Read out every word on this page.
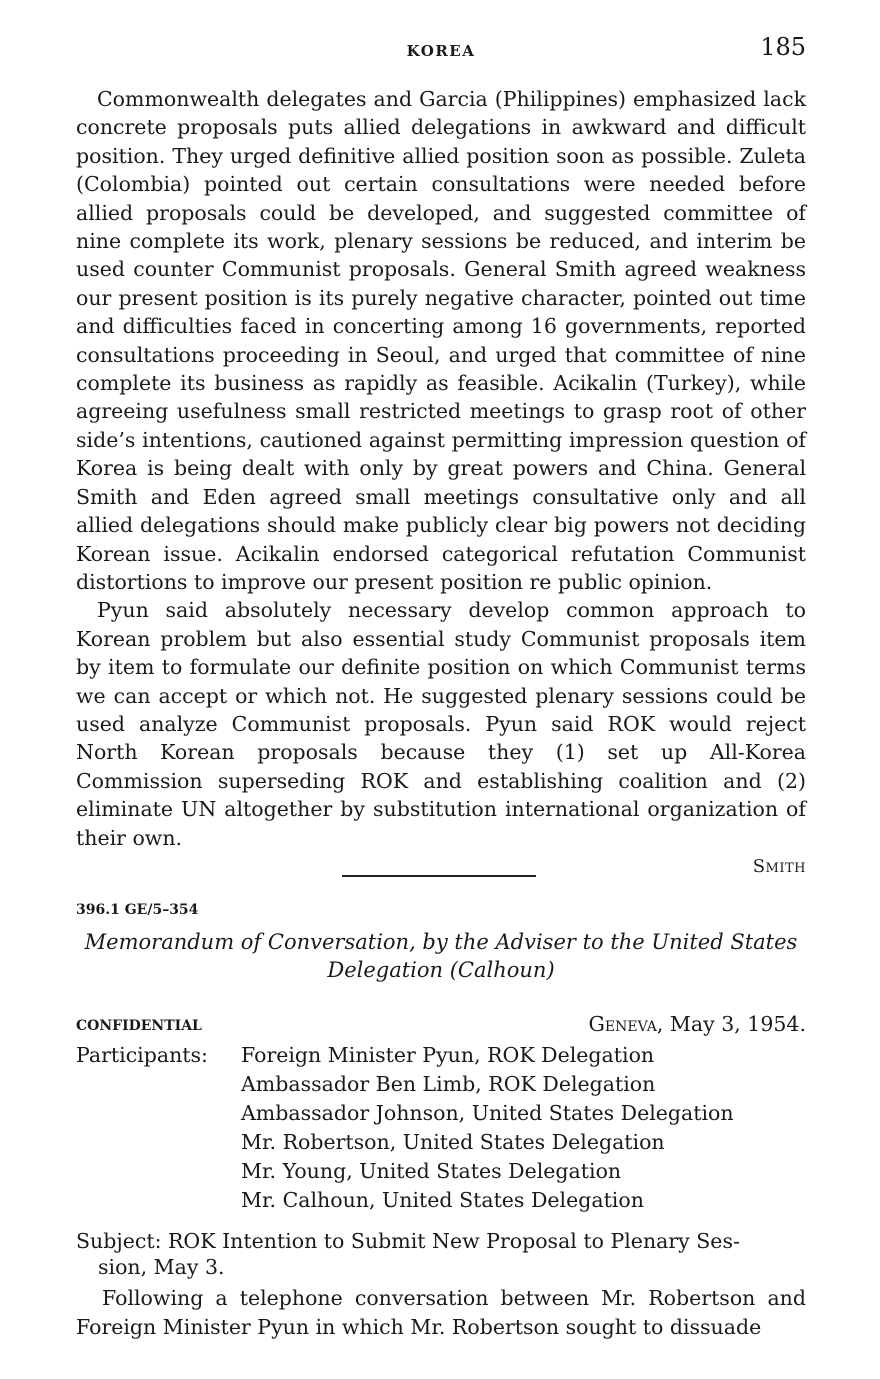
KOREA	185

Commonwealth delegates and Garcia (Philippines) emphasized lack concrete proposals puts allied delegations in awkward and difficult position. They urged definitive allied position soon as possible. Zuleta (Colombia) pointed out certain consultations were needed before allied proposals could be developed, and suggested committee of nine complete its work, plenary sessions be reduced, and interim be used counter Communist proposals. General Smith agreed weakness our present position is its purely negative character, pointed out time and difficulties faced in concerting among 16 governments, reported consultations proceeding in Seoul, and urged that committee of nine complete its business as rapidly as feasible. Acikalin (Turkey), while agreeing usefulness small restricted meetings to grasp root of other side’s intentions, cautioned against permitting impression question of Korea is being dealt with only by great powers and China. General Smith and Eden agreed small meetings consultative only and all allied delegations should make publicly clear big powers not deciding Korean issue. Acikalin endorsed categorical refutation Communist distortions to improve our present position re public opinion.

Pyun said absolutely necessary develop common approach to Korean problem but also essential study Communist proposals item by item to formulate our definite position on which Communist terms we can accept or which not. He suggested plenary sessions could be used analyze Communist proposals. Pyun said ROK would reject North Korean proposals because they (1) set up All-Korea Commission superseding ROK and establishing coalition and (2) eliminate UN altogether by substitution international organization of their own.

Smith
396.1 GE/5–354
Memorandum of Conversation, by the Adviser to the United States
Delegation (Calhoun)
CONFIDENTIAL	Geneva, May 3, 1954.
Participants: Foreign Minister Pyun, ROK Delegation
Ambassador Ben Limb, ROK Delegation
Ambassador Johnson, United States Delegation
Mr. Robertson, United States Delegation
Mr. Young, United States Delegation
Mr. Calhoun, United States Delegation
Subject: ROK Intention to Submit New Proposal to Plenary Ses-
sion, May 3.

Following a telephone conversation between Mr. Robertson and Foreign Minister Pyun in which Mr. Robertson sought to dissuade
